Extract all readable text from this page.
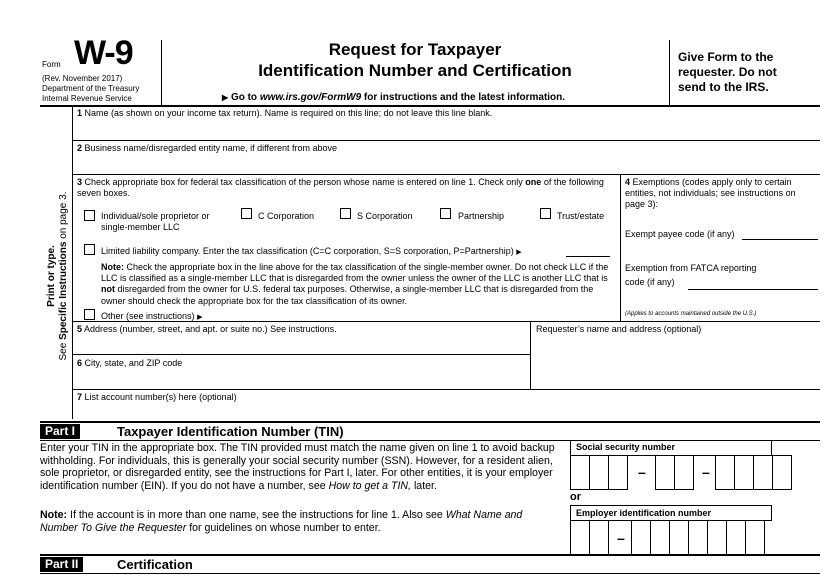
Form W-9
(Rev. November 2017)
Department of the Treasury
Internal Revenue Service
Request for Taxpayer
Identification Number and Certification
▶ Go to www.irs.gov/FormW9 for instructions and the latest information.
Give Form to the requester. Do not send to the IRS.
Print or type.
See Specific Instructions on page 3.
1 Name (as shown on your income tax return). Name is required on this line; do not leave this line blank.
2 Business name/disregarded entity name, if different from above
3 Check appropriate box for federal tax classification of the person whose name is entered on line 1. Check only one of the following seven boxes.
Individual/sole proprietor or single-member LLC
C Corporation	S Corporation	Partnership	Trust/estate
Limited liability company. Enter the tax classification (C=C corporation, S=S corporation, P=Partnership) ▶
Note: Check the appropriate box in the line above for the tax classification of the single-member owner. Do not check LLC if the LLC is classified as a single-member LLC that is disregarded from the owner unless the owner of the LLC is another LLC that is not disregarded from the owner for U.S. federal tax purposes. Otherwise, a single-member LLC that is disregarded from the owner should check the appropriate box for the tax classification of its owner.
Other (see instructions) ▶
4 Exemptions (codes apply only to certain entities, not individuals; see instructions on page 3):
Exempt payee code (if any)
Exemption from FATCA reporting
code (if any)
(Applies to accounts maintained outside the U.S.)
5 Address (number, street, and apt. or suite no.) See instructions.	Requester’s name and address (optional)
6 City, state, and ZIP code
7 List account number(s) here (optional)
Part I	Taxpayer Identification Number (TIN)
Enter your TIN in the appropriate box. The TIN provided must match the name given on line 1 to avoid backup withholding. For individuals, this is generally your social security number (SSN). However, for a resident alien, sole proprietor, or disregarded entity, see the instructions for Part I, later. For other entities, it is your employer identification number (EIN). If you do not have a number, see How to get a TIN, later.
Note: If the account is in more than one name, see the instructions for line 1. Also see What Name and Number To Give the Requester for guidelines on whose number to enter.
Social security number
–	–
or
Employer identification number
–
Part II	Certification
